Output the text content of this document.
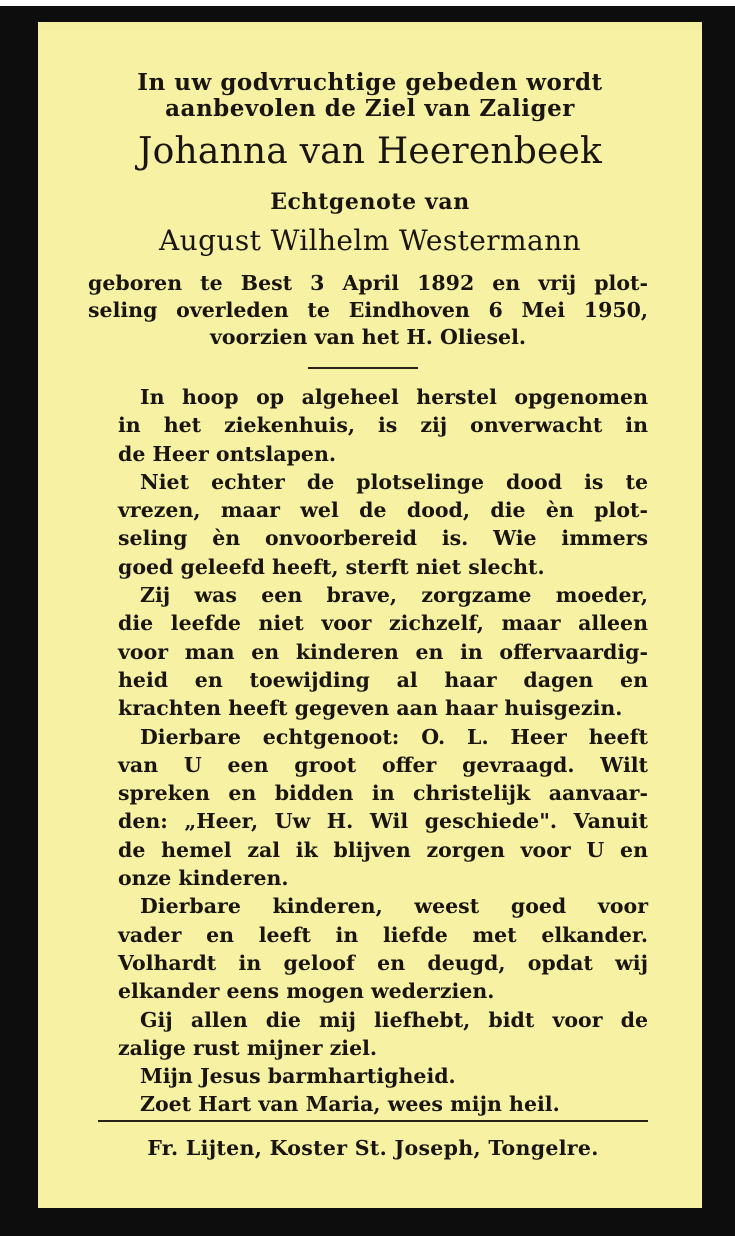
In uw godvruchtige gebeden wordt
aanbevolen de Ziel van Zaliger
Johanna van Heerenbeek
Echtgenote van
August Wilhelm Westermann
geboren te Best 3 April 1892 en vrij plot-
seling overleden te Eindhoven 6 Mei 1950,
voorzien van het H. Oliesel.
In hoop op algeheel herstel opgenomen
in het ziekenhuis, is zij onverwacht in
de Heer ontslapen.
Niet echter de plotselinge dood is te
vrezen, maar wel de dood, die èn plot-
seling èn onvoorbereid is. Wie immers
goed geleefd heeft, sterft niet slecht.
Zij was een brave, zorgzame moeder,
die leefde niet voor zichzelf, maar alleen
voor man en kinderen en in offervaardig-
heid en toewijding al haar dagen en
krachten heeft gegeven aan haar huisgezin.
Dierbare echtgenoot: O. L. Heer heeft
van U een groot offer gevraagd. Wilt
spreken en bidden in christelijk aanvaar-
den: „Heer, Uw H. Wil geschiede". Vanuit
de hemel zal ik blijven zorgen voor U en
onze kinderen.
Dierbare kinderen, weest goed voor
vader en leeft in liefde met elkander.
Volhardt in geloof en deugd, opdat wij
elkander eens mogen wederzien.
Gij allen die mij liefhebt, bidt voor de
zalige rust mijner ziel.
Mijn Jesus barmhartigheid.
Zoet Hart van Maria, wees mijn heil.
Fr. Lijten, Koster St. Joseph, Tongelre.
